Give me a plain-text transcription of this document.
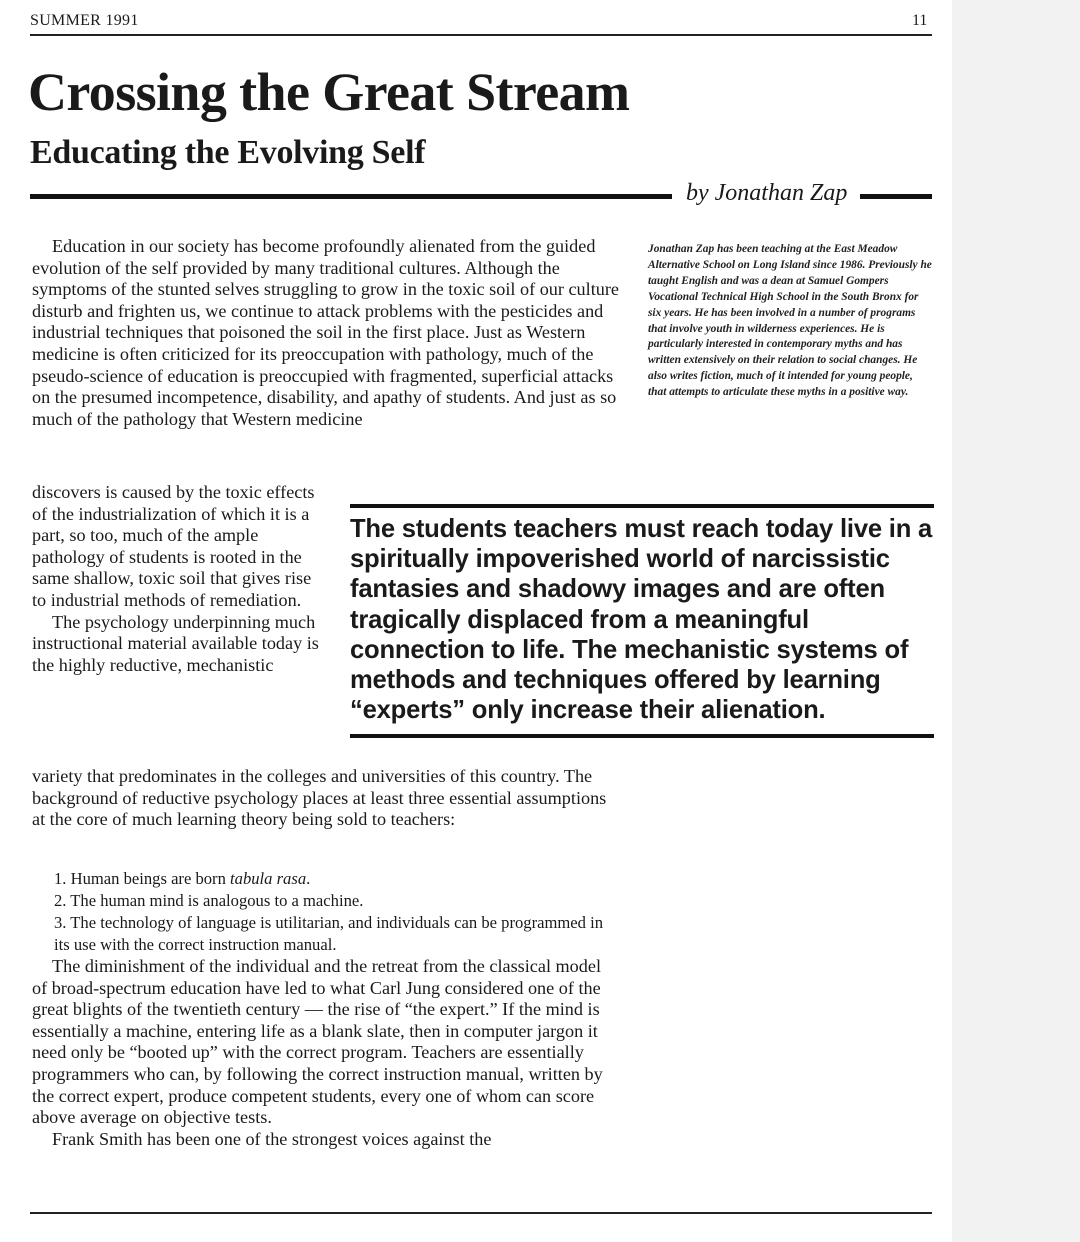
SUMMER 1991	11
Crossing the Great Stream
Educating the Evolving Self
by Jonathan Zap
Jonathan Zap has been teaching at the East Meadow Alternative School on Long Island since 1986. Previously he taught English and was a dean at Samuel Gompers Vocational Technical High School in the South Bronx for six years. He has been involved in a number of programs that involve youth in wilderness experiences. He is particularly interested in contemporary myths and has written extensively on their relation to social changes. He also writes fiction, much of it intended for young people, that attempts to articulate these myths in a positive way.

Education in our society has become profoundly alienated from the guided evolution of the self provided by many traditional cultures. Although the symptoms of the stunted selves struggling to grow in the toxic soil of our culture disturb and frighten us, we continue to attack problems with the pesticides and industrial techniques that poisoned the soil in the first place. Just as Western medicine is often criticized for its preoccupation with pathology, much of the pseudo-science of education is preoccupied with fragmented, superficial attacks on the presumed incompetence, disability, and apathy of students. And just as so much of the pathology that Western medicine

discovers is caused by the toxic effects of the industrialization of which it is a part, so too, much of the ample pathology of students is rooted in the same shallow, toxic soil that gives rise to industrial methods of remediation.

The psychology underpinning much instructional material available today is the highly reductive, mechanistic

The students teachers must reach today live in a spiritually impoverished world of narcissistic fantasies and shadowy images and are often tragically displaced from a meaningful connection to life. The mechanistic systems of methods and techniques offered by learning “experts” only increase their alienation.

variety that predominates in the colleges and universities of this country. The background of reductive psychology places at least three essential assumptions at the core of much learning theory being sold to teachers:

1. Human beings are born tabula rasa.
2. The human mind is analogous to a machine.
3. The technology of language is utilitarian, and individuals can be programmed in its use with the correct instruction manual.

The diminishment of the individual and the retreat from the classical model of broad-spectrum education have led to what Carl Jung considered one of the great blights of the twentieth century — the rise of “the expert.” If the mind is essentially a machine, entering life as a blank slate, then in computer jargon it need only be “booted up” with the correct program. Teachers are essentially programmers who can, by following the correct instruction manual, written by the correct expert, produce competent students, every one of whom can score above average on objective tests.

Frank Smith has been one of the strongest voices against the
